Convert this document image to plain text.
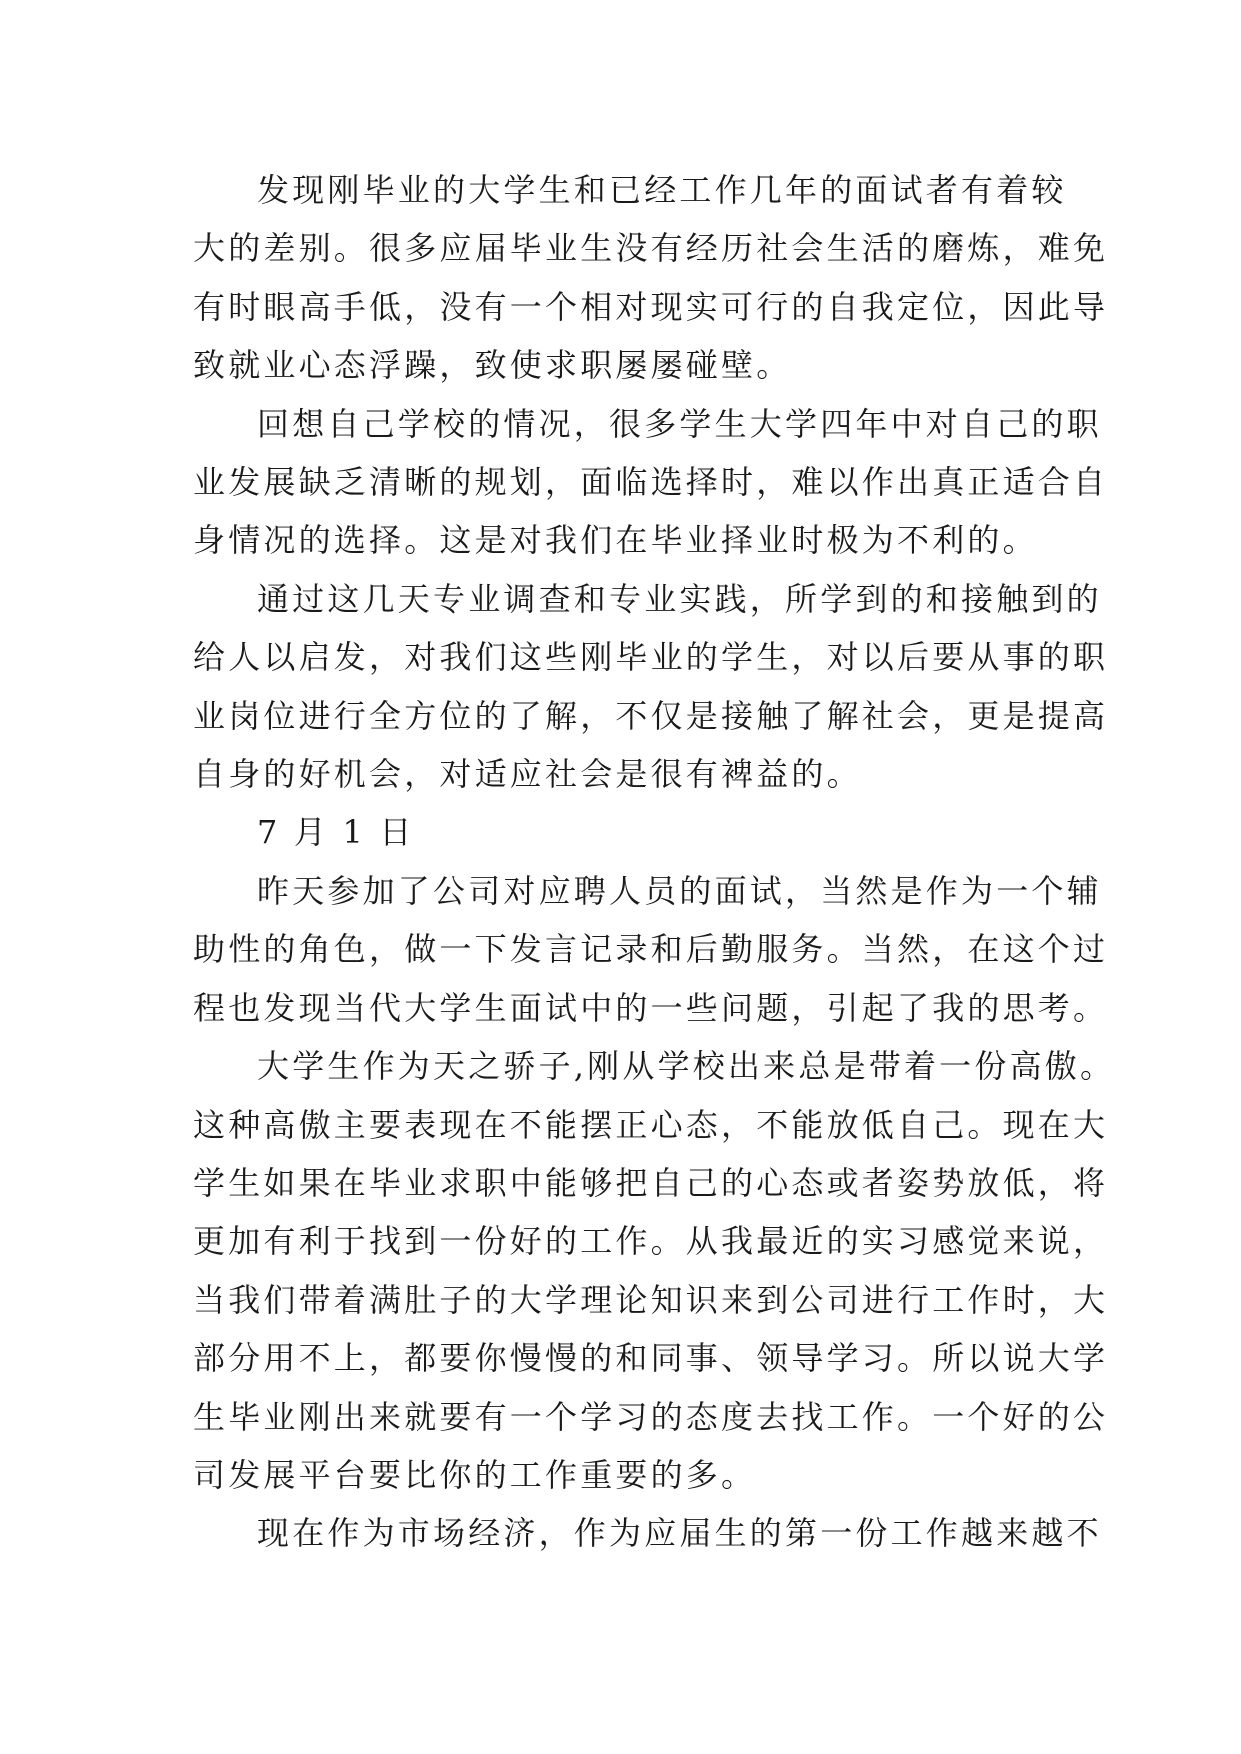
发现刚毕业的大学生和已经工作几年的面试者有着较
大的差别。很多应届毕业生没有经历社会生活的磨炼，难免
有时眼高手低，没有一个相对现实可行的自我定位，因此导
致就业心态浮躁，致使求职屡屡碰壁。

回想自己学校的情况，很多学生大学四年中对自己的职
业发展缺乏清晰的规划，面临选择时，难以作出真正适合自
身情况的选择。这是对我们在毕业择业时极为不利的。

通过这几天专业调查和专业实践，所学到的和接触到的
给人以启发，对我们这些刚毕业的学生，对以后要从事的职
业岗位进行全方位的了解，不仅是接触了解社会，更是提高
自身的好机会，对适应社会是很有裨益的。

7 月 1 日

昨天参加了公司对应聘人员的面试，当然是作为一个辅
助性的角色，做一下发言记录和后勤服务。当然，在这个过
程也发现当代大学生面试中的一些问题，引起了我的思考。

大学生作为天之骄子,刚从学校出来总是带着一份高傲。
这种高傲主要表现在不能摆正心态，不能放低自己。现在大
学生如果在毕业求职中能够把自己的心态或者姿势放低，将
更加有利于找到一份好的工作。从我最近的实习感觉来说，
当我们带着满肚子的大学理论知识来到公司进行工作时，大
部分用不上，都要你慢慢的和同事、领导学习。所以说大学
生毕业刚出来就要有一个学习的态度去找工作。一个好的公
司发展平台要比你的工作重要的多。

现在作为市场经济，作为应届生的第一份工作越来越不
